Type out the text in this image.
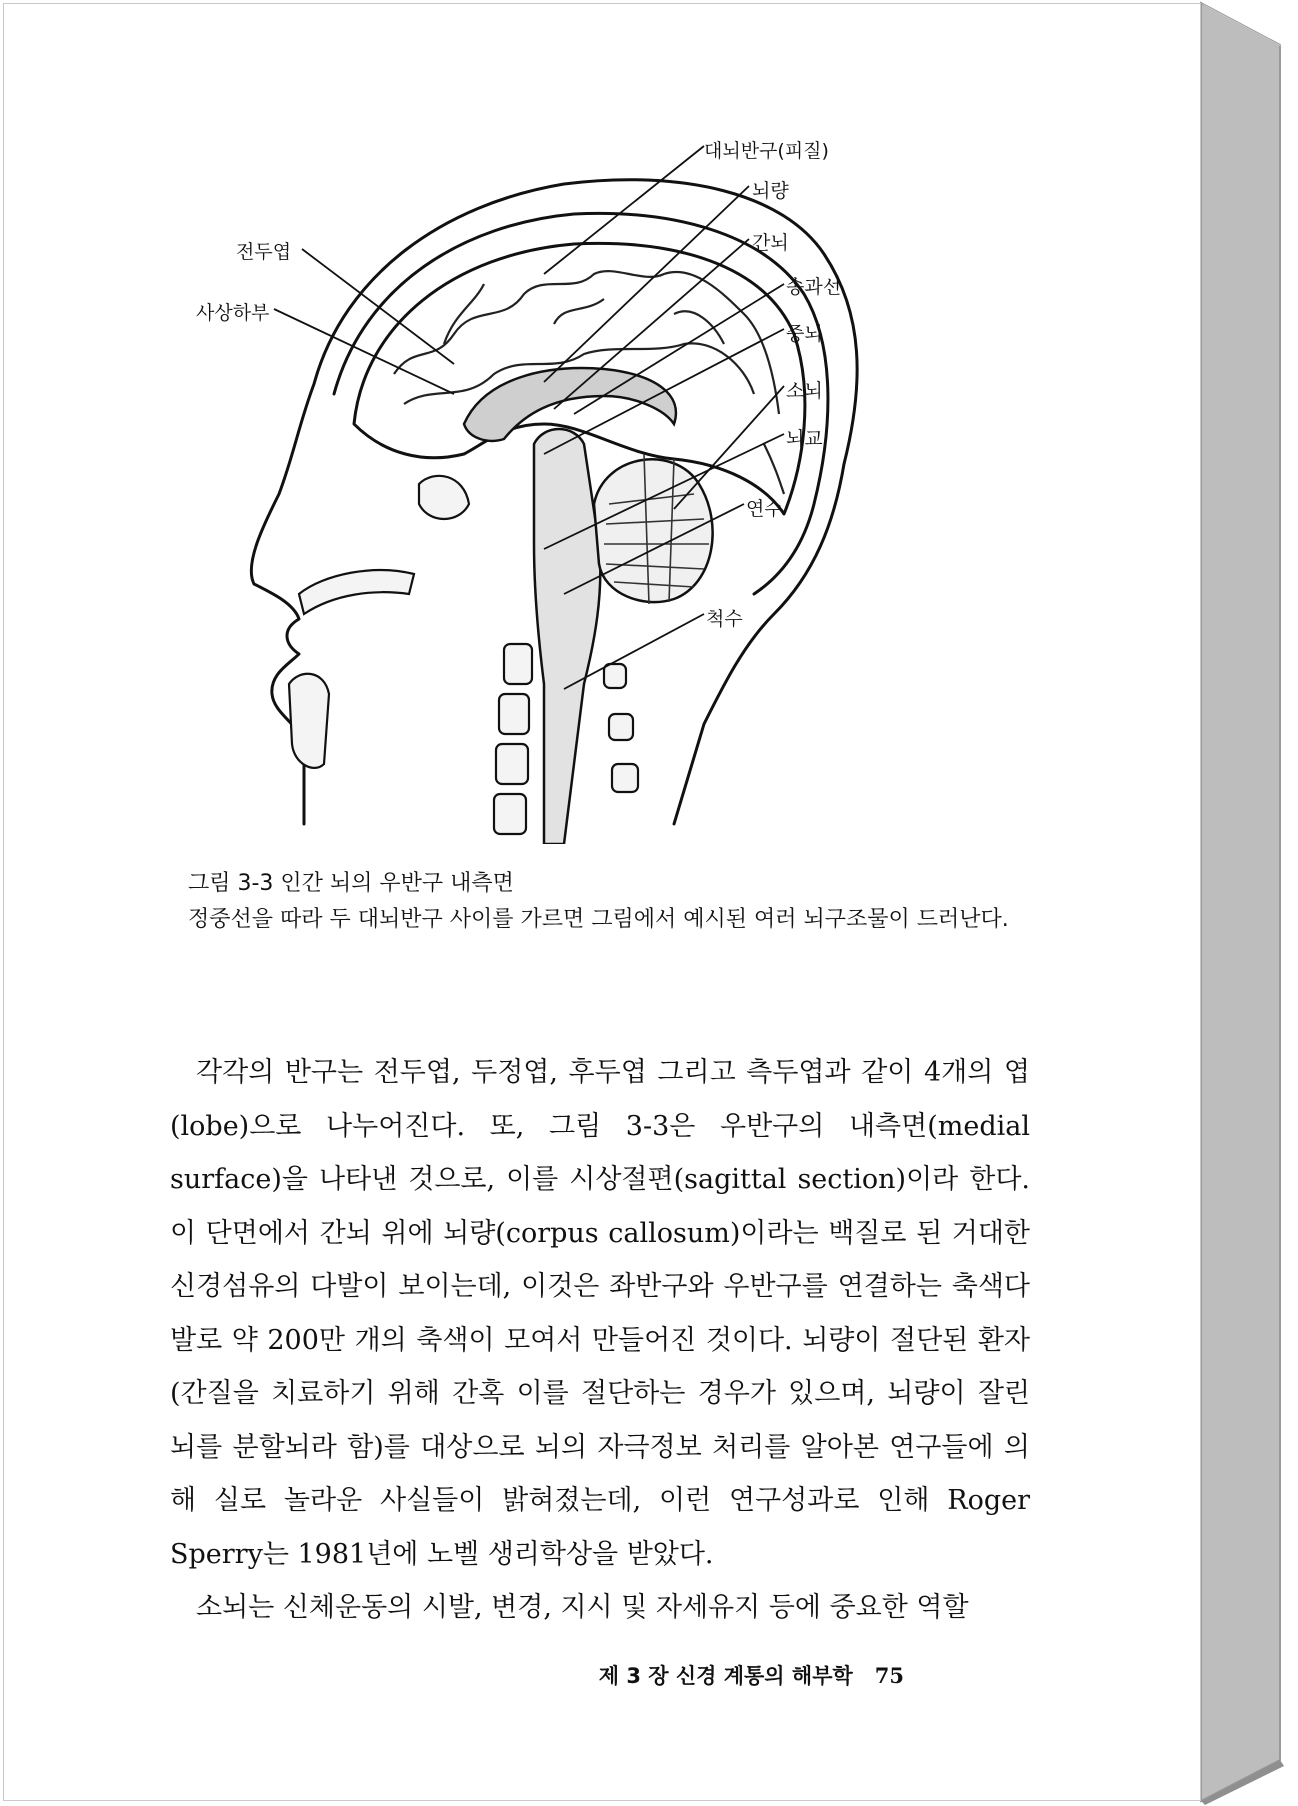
대뇌반구(피질)
뇌량
간뇌
송과선
중뇌
소뇌
뇌교
연수
척수
전두엽
사상하부
그림 3-3 인간 뇌의 우반구 내측면
정중선을 따라 두 대뇌반구 사이를 가르면 그림에서 예시된 여러 뇌구조물이 드러난다.

각각의 반구는 전두엽, 두정엽, 후두엽 그리고 측두엽과 같이 4개의 엽(lobe)으로 나누어진다. 또, 그림 3-3은 우반구의 내측면(medial surface)을 나타낸 것으로, 이를 시상절편(sagittal section)이라 한다. 이 단면에서 간뇌 위에 뇌량(corpus callosum)이라는 백질로 된 거대한 신경섬유의 다발이 보이는데, 이것은 좌반구와 우반구를 연결하는 축색다발로 약 200만 개의 축색이 모여서 만들어진 것이다. 뇌량이 절단된 환자(간질을 치료하기 위해 간혹 이를 절단하는 경우가 있으며, 뇌량이 잘린 뇌를 분할뇌라 함)를 대상으로 뇌의 자극정보 처리를 알아본 연구들에 의해 실로 놀라운 사실들이 밝혀졌는데, 이런 연구성과로 인해 Roger Sperry는 1981년에 노벨 생리학상을 받았다.

소뇌는 신체운동의 시발, 변경, 지시 및 자세유지 등에 중요한 역할

제 3 장 신경 계통의 해부학 75
